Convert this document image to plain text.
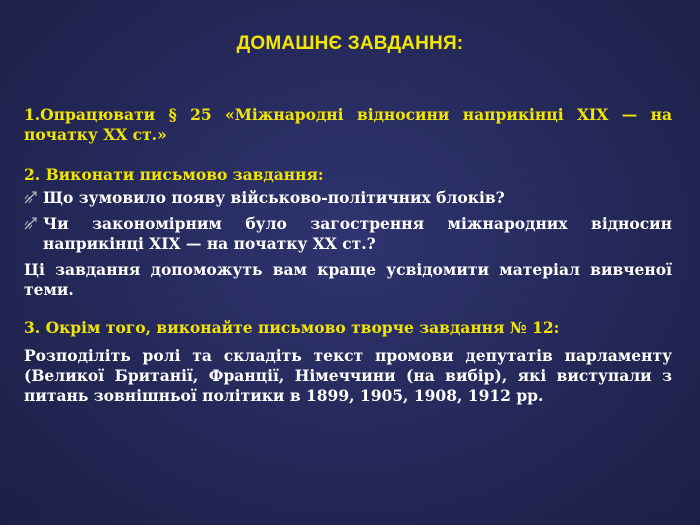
ДОМАШНЄ ЗАВДАННЯ:

1.Опрацювати § 25 «Міжнародні відносини наприкінці ХІХ — на початку ХХ ст.»

2. Виконати письмово завдання:

Що зумовило появу військово-політичних блоків?
Чи закономірним було загострення міжнародних відносин наприкінці XIX — на початку XX ст.?

Ці завдання допоможуть вам краще усвідомити матеріал вивченої теми.

3. Окрім того, виконайте письмово творче завдання № 12:

Розподіліть ролі та складіть текст промови депутатів парламенту (Великої Британії, Франції, Німеччини (на вибір), які виступали з питань зовнішньої політики в 1899, 1905, 1908, 1912 рр.
